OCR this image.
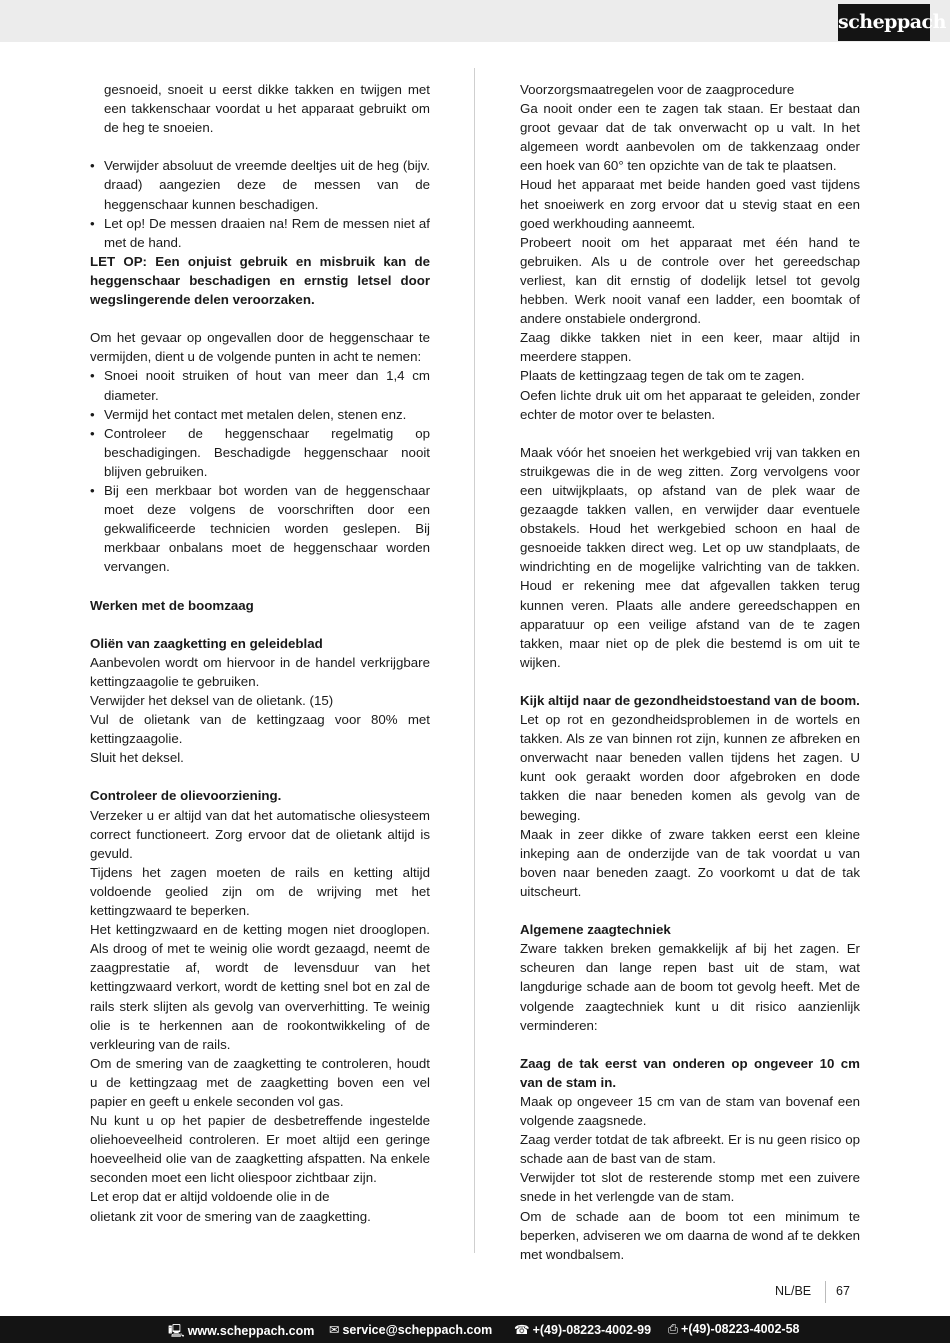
scheppach
gesnoeid, snoeit u eerst dikke takken en twijgen met een takkenschaar voordat u het apparaat gebruikt om de heg te snoeien.
• Verwijder absoluut de vreemde deeltjes uit de heg (bijv. draad) aangezien deze de messen van de heggenschaar kunnen beschadigen.
• Let op! De messen draaien na! Rem de messen niet af met de hand.
LET OP: Een onjuist gebruik en misbruik kan de heggenschaar beschadigen en ernstig letsel door wegslingerende delen veroorzaken.
Om het gevaar op ongevallen door de heggenschaar te vermijden, dient u de volgende punten in acht te nemen:
• Snoei nooit struiken of hout van meer dan 1,4 cm diameter.
• Vermijd het contact met metalen delen, stenen enz.
• Controleer de heggenschaar regelmatig op beschadigingen. Beschadigde heggenschaar nooit blijven gebruiken.
• Bij een merkbaar bot worden van de heggenschaar moet deze volgens de voorschriften door een gekwalificeerde technicien worden geslepen. Bij merkbaar onbalans moet de heggenschaar worden vervangen.
Werken met de boomzaag
Oliën van zaagketting en geleideblad
Aanbevolen wordt om hiervoor in de handel verkrijgbare kettingzaagolie te gebruiken.
Verwijder het deksel van de olietank. (15)
Vul de olietank van de kettingzaag voor 80% met kettingzaagolie.
Sluit het deksel.
Controleer de olievoorziening.
Verzeker u er altijd van dat het automatische oliesysteem correct functioneert. Zorg ervoor dat de olietank altijd is gevuld.
Tijdens het zagen moeten de rails en ketting altijd voldoende geolied zijn om de wrijving met het kettingzwaard te beperken.
Het kettingzwaard en de ketting mogen niet drooglopen. Als droog of met te weinig olie wordt gezaagd, neemt de zaagprestatie af, wordt de levensduur van het kettingzwaard verkort, wordt de ketting snel bot en zal de rails sterk slijten als gevolg van oververhitting. Te weinig olie is te herkennen aan de rookontwikkeling of de verkleuring van de rails.
Om de smering van de zaagketting te controleren, houdt u de kettingzaag met de zaagketting boven een vel papier en geeft u enkele seconden vol gas.
Nu kunt u op het papier de desbetreffende ingestelde oliehoeveelheid controleren. Er moet altijd een geringe hoeveelheid olie van de zaagketting afspatten. Na enkele seconden moet een licht oliespoor zichtbaar zijn.
Let erop dat er altijd voldoende olie in de
olietank zit voor de smering van de zaagketting.
Voorzorgsmaatregelen voor de zaagprocedure
Ga nooit onder een te zagen tak staan. Er bestaat dan groot gevaar dat de tak onverwacht op u valt. In het algemeen wordt aanbevolen om de takkenzaag onder een hoek van 60° ten opzichte van de tak te plaatsen.
Houd het apparaat met beide handen goed vast tijdens het snoeiwerk en zorg ervoor dat u stevig staat en een goed werkhouding aanneemt.
Probeert nooit om het apparaat met één hand te gebruiken. Als u de controle over het gereedschap verliest, kan dit ernstig of dodelijk letsel tot gevolg hebben. Werk nooit vanaf een ladder, een boomtak of andere onstabiele ondergrond.
Zaag dikke takken niet in een keer, maar altijd in meerdere stappen.
Plaats de kettingzaag tegen de tak om te zagen.
Oefen lichte druk uit om het apparaat te geleiden, zonder echter de motor over te belasten.
Maak vóór het snoeien het werkgebied vrij van takken en struikgewas die in de weg zitten. Zorg vervolgens voor een uitwijkplaats, op afstand van de plek waar de gezaagde takken vallen, en verwijder daar eventuele obstakels. Houd het werkgebied schoon en haal de gesnoeide takken direct weg. Let op uw standplaats, de windrichting en de mogelijke valrichting van de takken. Houd er rekening mee dat afgevallen takken terug kunnen veren. Plaats alle andere gereedschappen en apparatuur op een veilige afstand van de te zagen takken, maar niet op de plek die bestemd is om uit te wijken.
Kijk altijd naar de gezondheidstoestand van de boom.
Let op rot en gezondheidsproblemen in de wortels en takken. Als ze van binnen rot zijn, kunnen ze afbreken en onverwacht naar beneden vallen tijdens het zagen. U kunt ook geraakt worden door afgebroken en dode takken die naar beneden komen als gevolg van de beweging.
Maak in zeer dikke of zware takken eerst een kleine inkeping aan de onderzijde van de tak voordat u van boven naar beneden zaagt. Zo voorkomt u dat de tak uitscheurt.
Algemene zaagtechniek
Zware takken breken gemakkelijk af bij het zagen. Er scheuren dan lange repen bast uit de stam, wat langdurige schade aan de boom tot gevolg heeft. Met de volgende zaagtechniek kunt u dit risico aanzienlijk verminderen:
Zaag de tak eerst van onderen op ongeveer 10 cm van de stam in.
Maak op ongeveer 15 cm van de stam van bovenaf een volgende zaagsnede.
Zaag verder totdat de tak afbreekt. Er is nu geen risico op schade aan de bast van de stam.
Verwijder tot slot de resterende stomp met een zuivere snede in het verlengde van de stam.
Om de schade aan de boom tot een minimum te beperken, adviseren we om daarna de wond af te dekken met wondbalsem.
NL/BE 67
🖳 www.scheppach.com ✉ service@scheppach.com ☎ +(49)-08223-4002-99 ⎙ +(49)-08223-4002-58
